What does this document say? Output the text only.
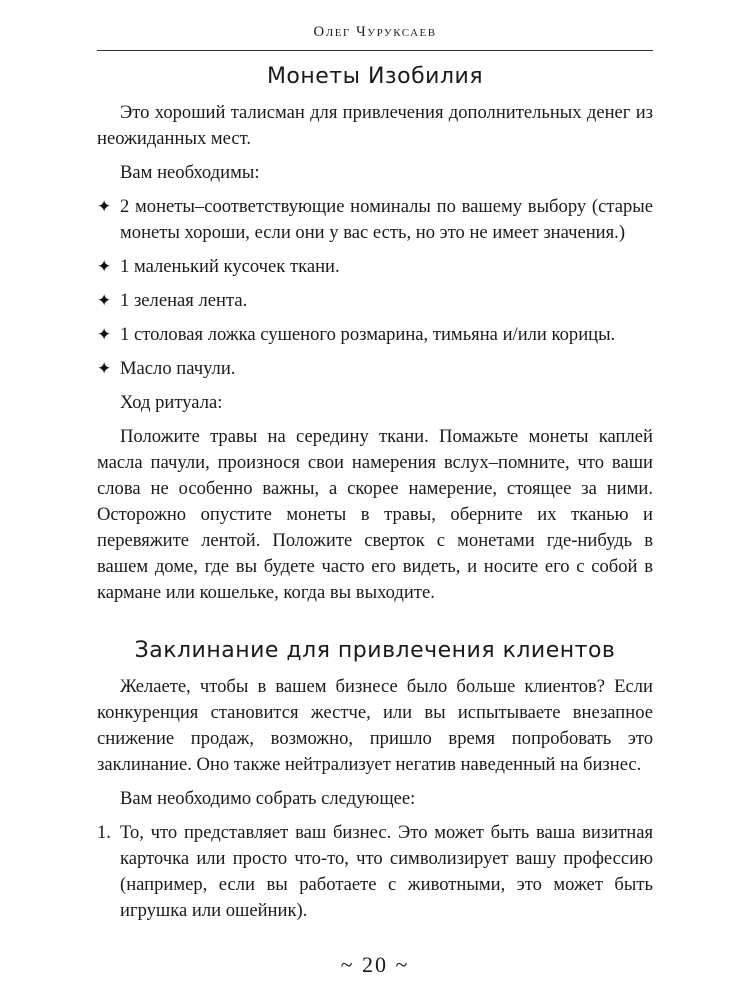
Олег Чуруксаев
Монеты Изобилия

Это хороший талисман для привлечения дополнительных денег из неожиданных мест.

Вам необходимы:

✦ 2 монеты–соответствующие номиналы по вашему выбору (старые монеты хороши, если они у вас есть, но это не имеет значения.)
✦ 1 маленький кусочек ткани.
✦ 1 зеленая лента.
✦ 1 столовая ложка сушеного розмарина, тимьяна и/или корицы.
✦ Масло пачули.

Ход ритуала:

Положите травы на середину ткани. Помажьте монеты каплей масла пачули, произнося свои намерения вслух–помните, что ваши слова не особенно важны, а скорее намерение, стоящее за ними. Осторожно опустите монеты в травы, оберните их тканью и перевяжите лентой. Положите сверток с монетами где-нибудь в вашем доме, где вы будете часто его видеть, и носите его с собой в кармане или кошельке, когда вы выходите.

Заклинание для привлечения клиентов

Желаете, чтобы в вашем бизнесе было больше клиентов? Если конкуренция становится жестче, или вы испытываете внезапное снижение продаж, возможно, пришло время попробовать это заклинание. Оно также нейтрализует негатив наведенный на бизнес.

Вам необходимо собрать следующее:

1. То, что представляет ваш бизнес. Это может быть ваша визитная карточка или просто что-то, что символизирует вашу профессию (например, если вы работаете с животными, это может быть игрушка или ошейник).
~ 20 ~
